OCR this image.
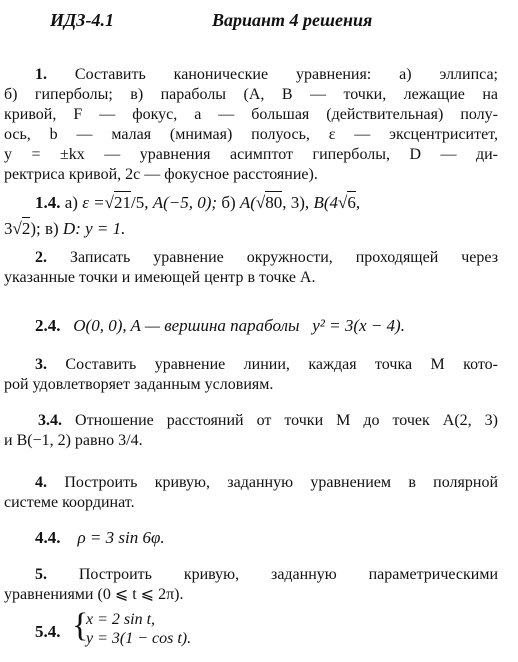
ИДЗ-4.1	Вариант 4 решения
1. Составить канонические уравнения: а) эллипса;
б) гиперболы; в) параболы (A, B — точки, лежащие на
кривой, F — фокус, a — большая (действительная) полу-
ось, b — малая (мнимая) полуось, ε — эксцентриситет,
y = ±kx — уравнения асимптот гиперболы, D — ди-
ректриса кривой, 2c — фокусное расстояние).
1.4. а) ε =√21/5, A(−5, 0); б) A(√80, 3), B(4√6,
3√2); в) D: y = 1.
2. Записать уравнение окружности, проходящей через
указанные точки и имеющей центр в точке A.
2.4. O(0, 0), A — вершина параболы y² = 3(x − 4).
3. Составить уравнение линии, каждая точка M кото-
рой удовлетворяет заданным условиям.
3.4. Отношение расстояний от точки M до точек A(2, 3)
и B(−1, 2) равно 3/4.
4. Построить кривую, заданную уравнением в полярной
системе координат.
4.4. ρ = 3 sin 6φ.
5. Построить кривую, заданную параметрическими
уравнениями (0 ⩽ t ⩽ 2π).
5.4. {
x = 2 sin t,
y = 3(1 − cos t).
